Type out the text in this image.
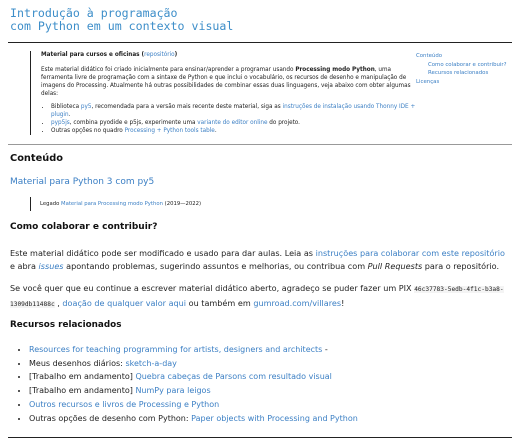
Introdução à programação
com Python em um contexto visual
Conteúdo
Como colaborar e contribuir?
Recursos relacionados
Licenças

Material para cursos e oficinas (repositório)

Este material didático foi criado inicialmente para ensinar/aprender a programar usando Processing modo Python, uma ferramenta livre de programação com a sintaxe de Python e que inclui o vocabulário, os recursos de desenho e manipulação de imagens do Processing. Atualmente há outras possibilidades de combinar essas duas linguagens, veja abaixo com obter algumas delas:

• Biblioteca py5, recomendada para a versão mais recente deste material, siga as instruções de instalação usando Thonny IDE + plugin.
• pyp5js, combina pyodide e p5js, experimente uma variante do editor online do projeto.
• Outras opções no quadro Processing + Python tools table.
Conteúdo
Material para Python 3 com py5
Legado Material para Processing modo Python (2019—2022)
Como colaborar e contribuir?
Este material didático pode ser modificado e usado para dar aulas. Leia as instruções para colaborar com este repositório e abra issues apontando problemas, sugerindo assuntos e melhorias, ou contribua com Pull Requests para o repositório.
Se você quer que eu continue a escrever material didático aberto, agradeço se puder fazer um PIX 46c37783-5edb-4f1c-b3a8-1309db11488c , doação de qualquer valor aqui ou também em gumroad.com/villares!
Recursos relacionados
• Resources for teaching programming for artists, designers and architects -
• Meus desenhos diários: sketch-a-day
• [Trabalho em andamento] Quebra cabeças de Parsons com resultado visual
• [Trabalho em andamento] NumPy para leigos
• Outros recursos e livros de Processing e Python
• Outras opções de desenho com Python: Paper objects with Processing and Python
